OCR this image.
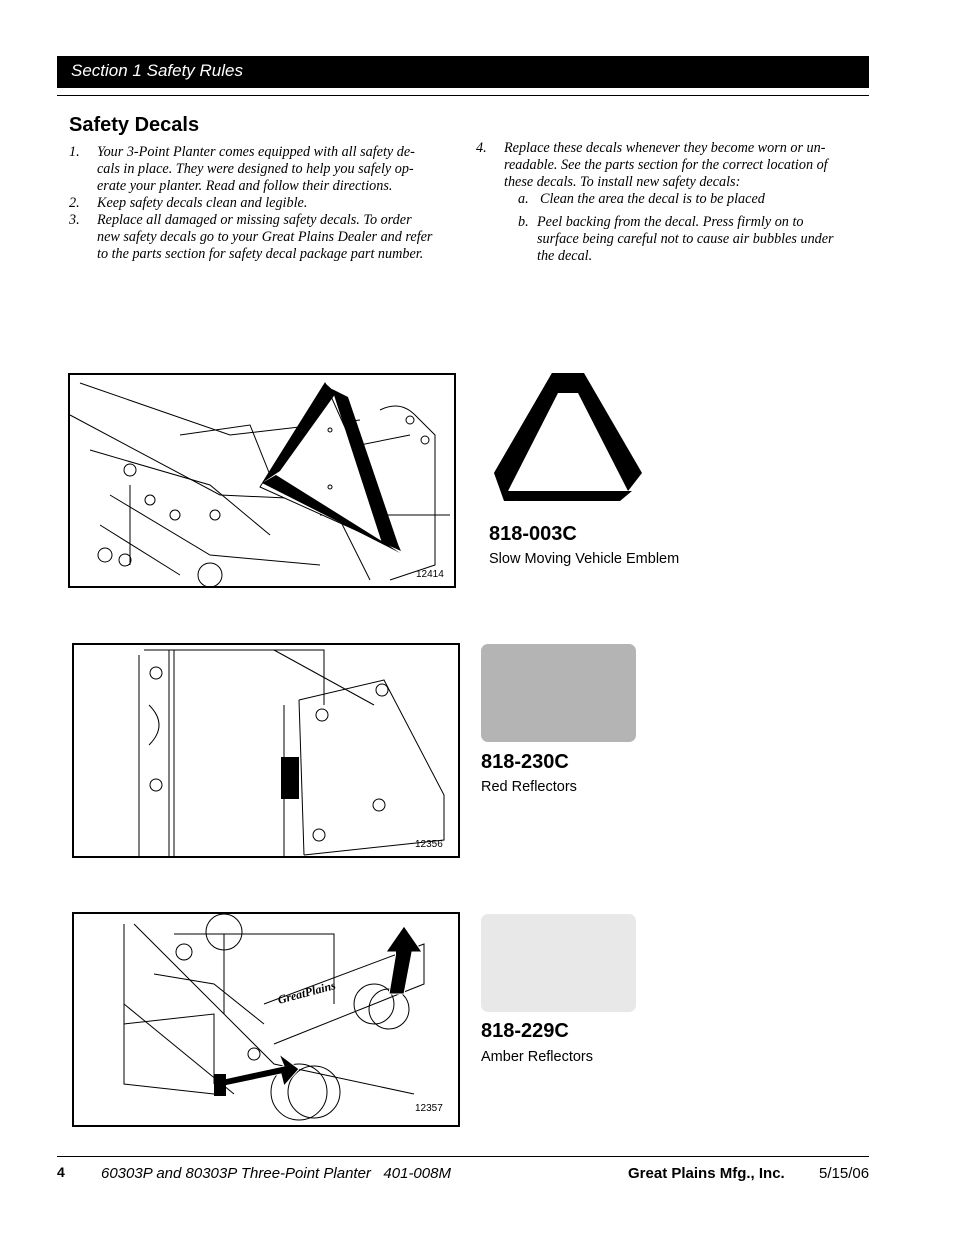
Section 1 Safety Rules
Safety Decals
1. Your 3-Point Planter comes equipped with all safety de-
cals in place. They were designed to help you safely op-
erate your planter. Read and follow their directions.
2. Keep safety decals clean and legible.
3. Replace all damaged or missing safety decals. To order
new safety decals go to your Great Plains Dealer and refer
to the parts section for safety decal package part number.
4. Replace these decals whenever they become worn or un-
readable. See the parts section for the correct location of
these decals. To install new safety decals:
a. Clean the area the decal is to be placed
b. Peel backing from the decal. Press firmly on to
surface being careful not to cause air bubbles under
the decal.
12414
818-003C
Slow Moving Vehicle Emblem
12356
818-230C
Red Reflectors
GreatPlains
12357
818-229C
Amber Reflectors
4 60303P and 80303P Three-Point Planter   401-008M	Great Plains Mfg., Inc. 5/15/06
